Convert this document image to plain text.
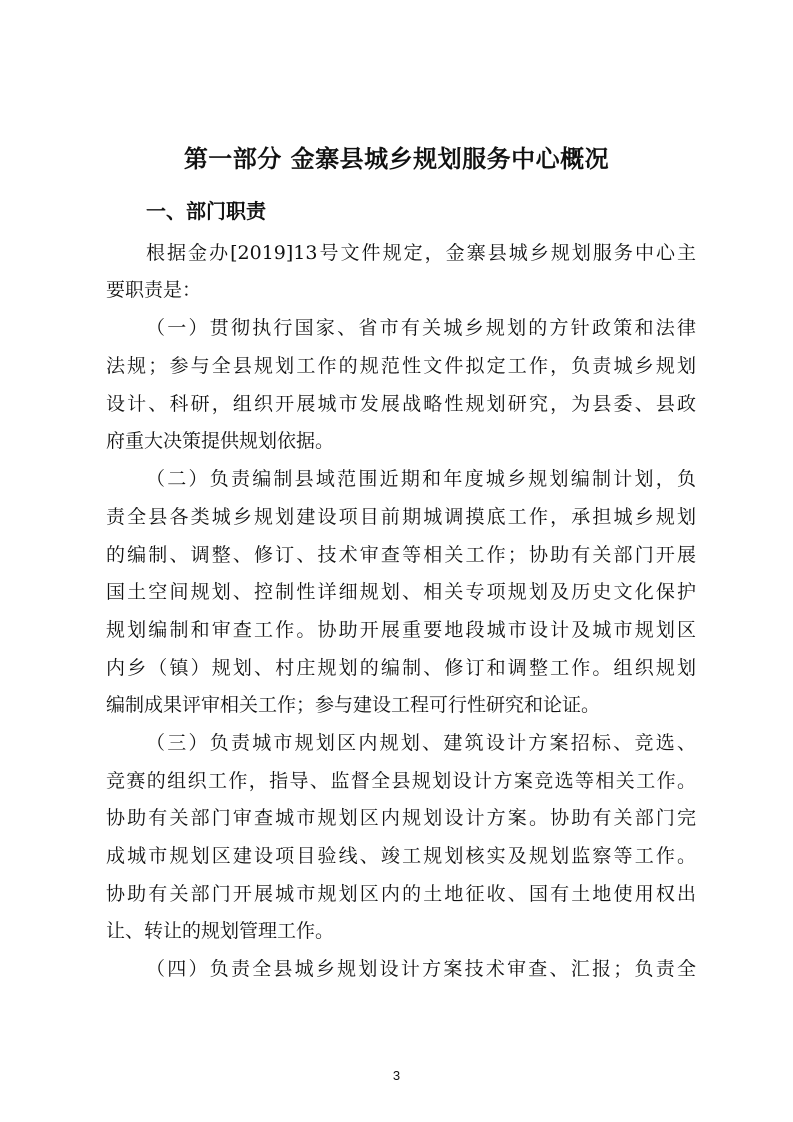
第一部分 金寨县城乡规划服务中心概况
一、部门职责
根据金办[2019]13号文件规定，金寨县城乡规划服务中心主
要职责是：
（一）贯彻执行国家、省市有关城乡规划的方针政策和法律
法规；参与全县规划工作的规范性文件拟定工作，负责城乡规划
设计、科研，组织开展城市发展战略性规划研究，为县委、县政
府重大决策提供规划依据。
（二）负责编制县域范围近期和年度城乡规划编制计划，负
责全县各类城乡规划建设项目前期城调摸底工作，承担城乡规划
的编制、调整、修订、技术审查等相关工作；协助有关部门开展
国土空间规划、控制性详细规划、相关专项规划及历史文化保护
规划编制和审查工作。协助开展重要地段城市设计及城市规划区
内乡（镇）规划、村庄规划的编制、修订和调整工作。组织规划
编制成果评审相关工作；参与建设工程可行性研究和论证。
（三）负责城市规划区内规划、建筑设计方案招标、竞选、
竞赛的组织工作，指导、监督全县规划设计方案竞选等相关工作。
协助有关部门审查城市规划区内规划设计方案。协助有关部门完
成城市规划区建设项目验线、竣工规划核实及规划监察等工作。
协助有关部门开展城市规划区内的土地征收、国有土地使用权出
让、转让的规划管理工作。
（四）负责全县城乡规划设计方案技术审查、汇报；负责全
3
